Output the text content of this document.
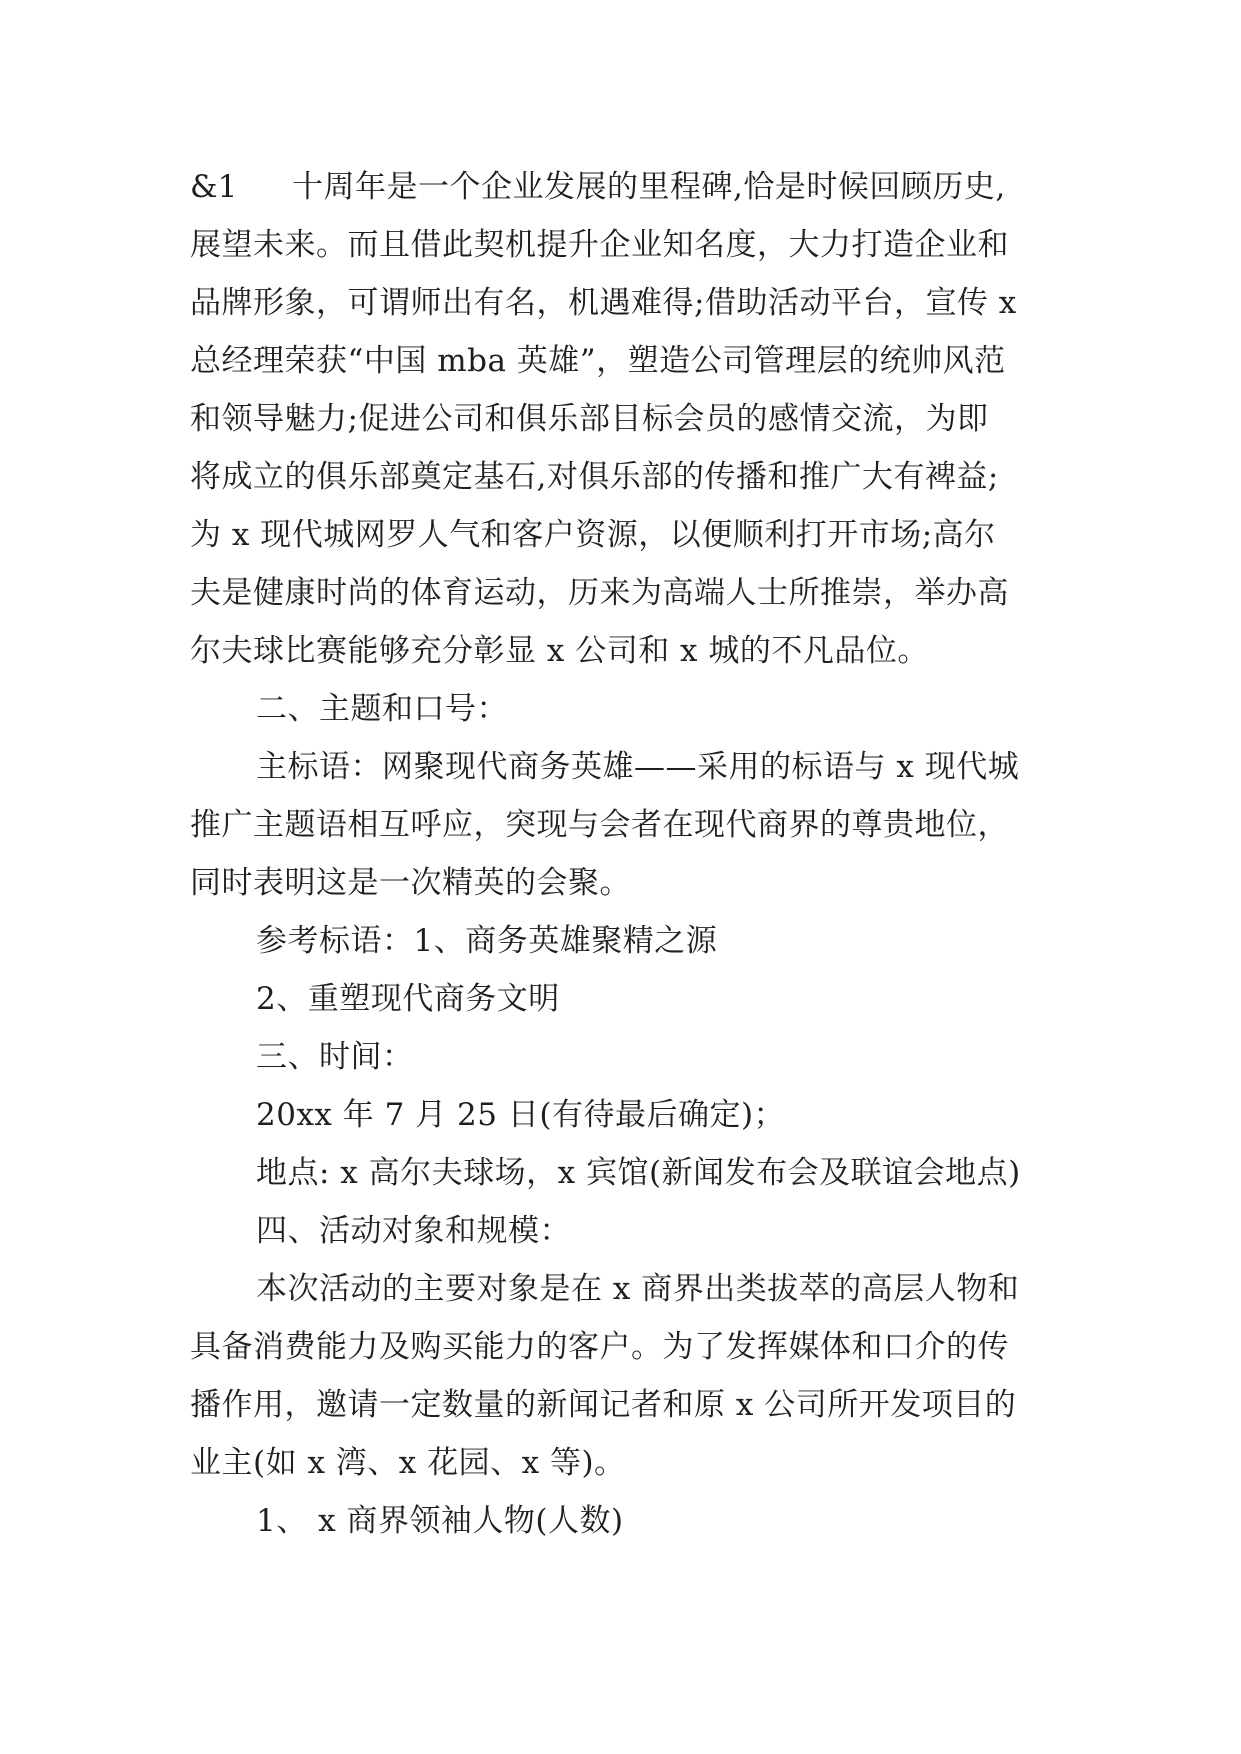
&1 十周年是一个企业发展的里程碑,恰是时候回顾历史,

展望未来。而且借此契机提升企业知名度，大力打造企业和

品牌形象，可谓师出有名，机遇难得;借助活动平台，宣传 x

总经理荣获“中国 mba 英雄”，塑造公司管理层的统帅风范

和领导魅力;促进公司和俱乐部目标会员的感情交流，为即

将成立的俱乐部奠定基石,对俱乐部的传播和推广大有裨益;

为 x 现代城网罗人气和客户资源，以便顺利打开市场;高尔

夫是健康时尚的体育运动，历来为高端人士所推崇，举办高

尔夫球比赛能够充分彰显 x 公司和 x 城的不凡品位。

二、主题和口号：

主标语：网聚现代商务英雄——采用的标语与 x 现代城

推广主题语相互呼应，突现与会者在现代商界的尊贵地位，

同时表明这是一次精英的会聚。

参考标语：1、商务英雄聚精之源

2、重塑现代商务文明

三、时间：

20xx 年 7 月 25 日(有待最后确定)；

地点: x 高尔夫球场，x 宾馆(新闻发布会及联谊会地点)

四、活动对象和规模：

本次活动的主要对象是在 x 商界出类拔萃的高层人物和

具备消费能力及购买能力的客户。为了发挥媒体和口介的传

播作用，邀请一定数量的新闻记者和原 x 公司所开发项目的

业主(如 x 湾、x 花园、x 等)。

1、 x 商界领袖人物(人数)
